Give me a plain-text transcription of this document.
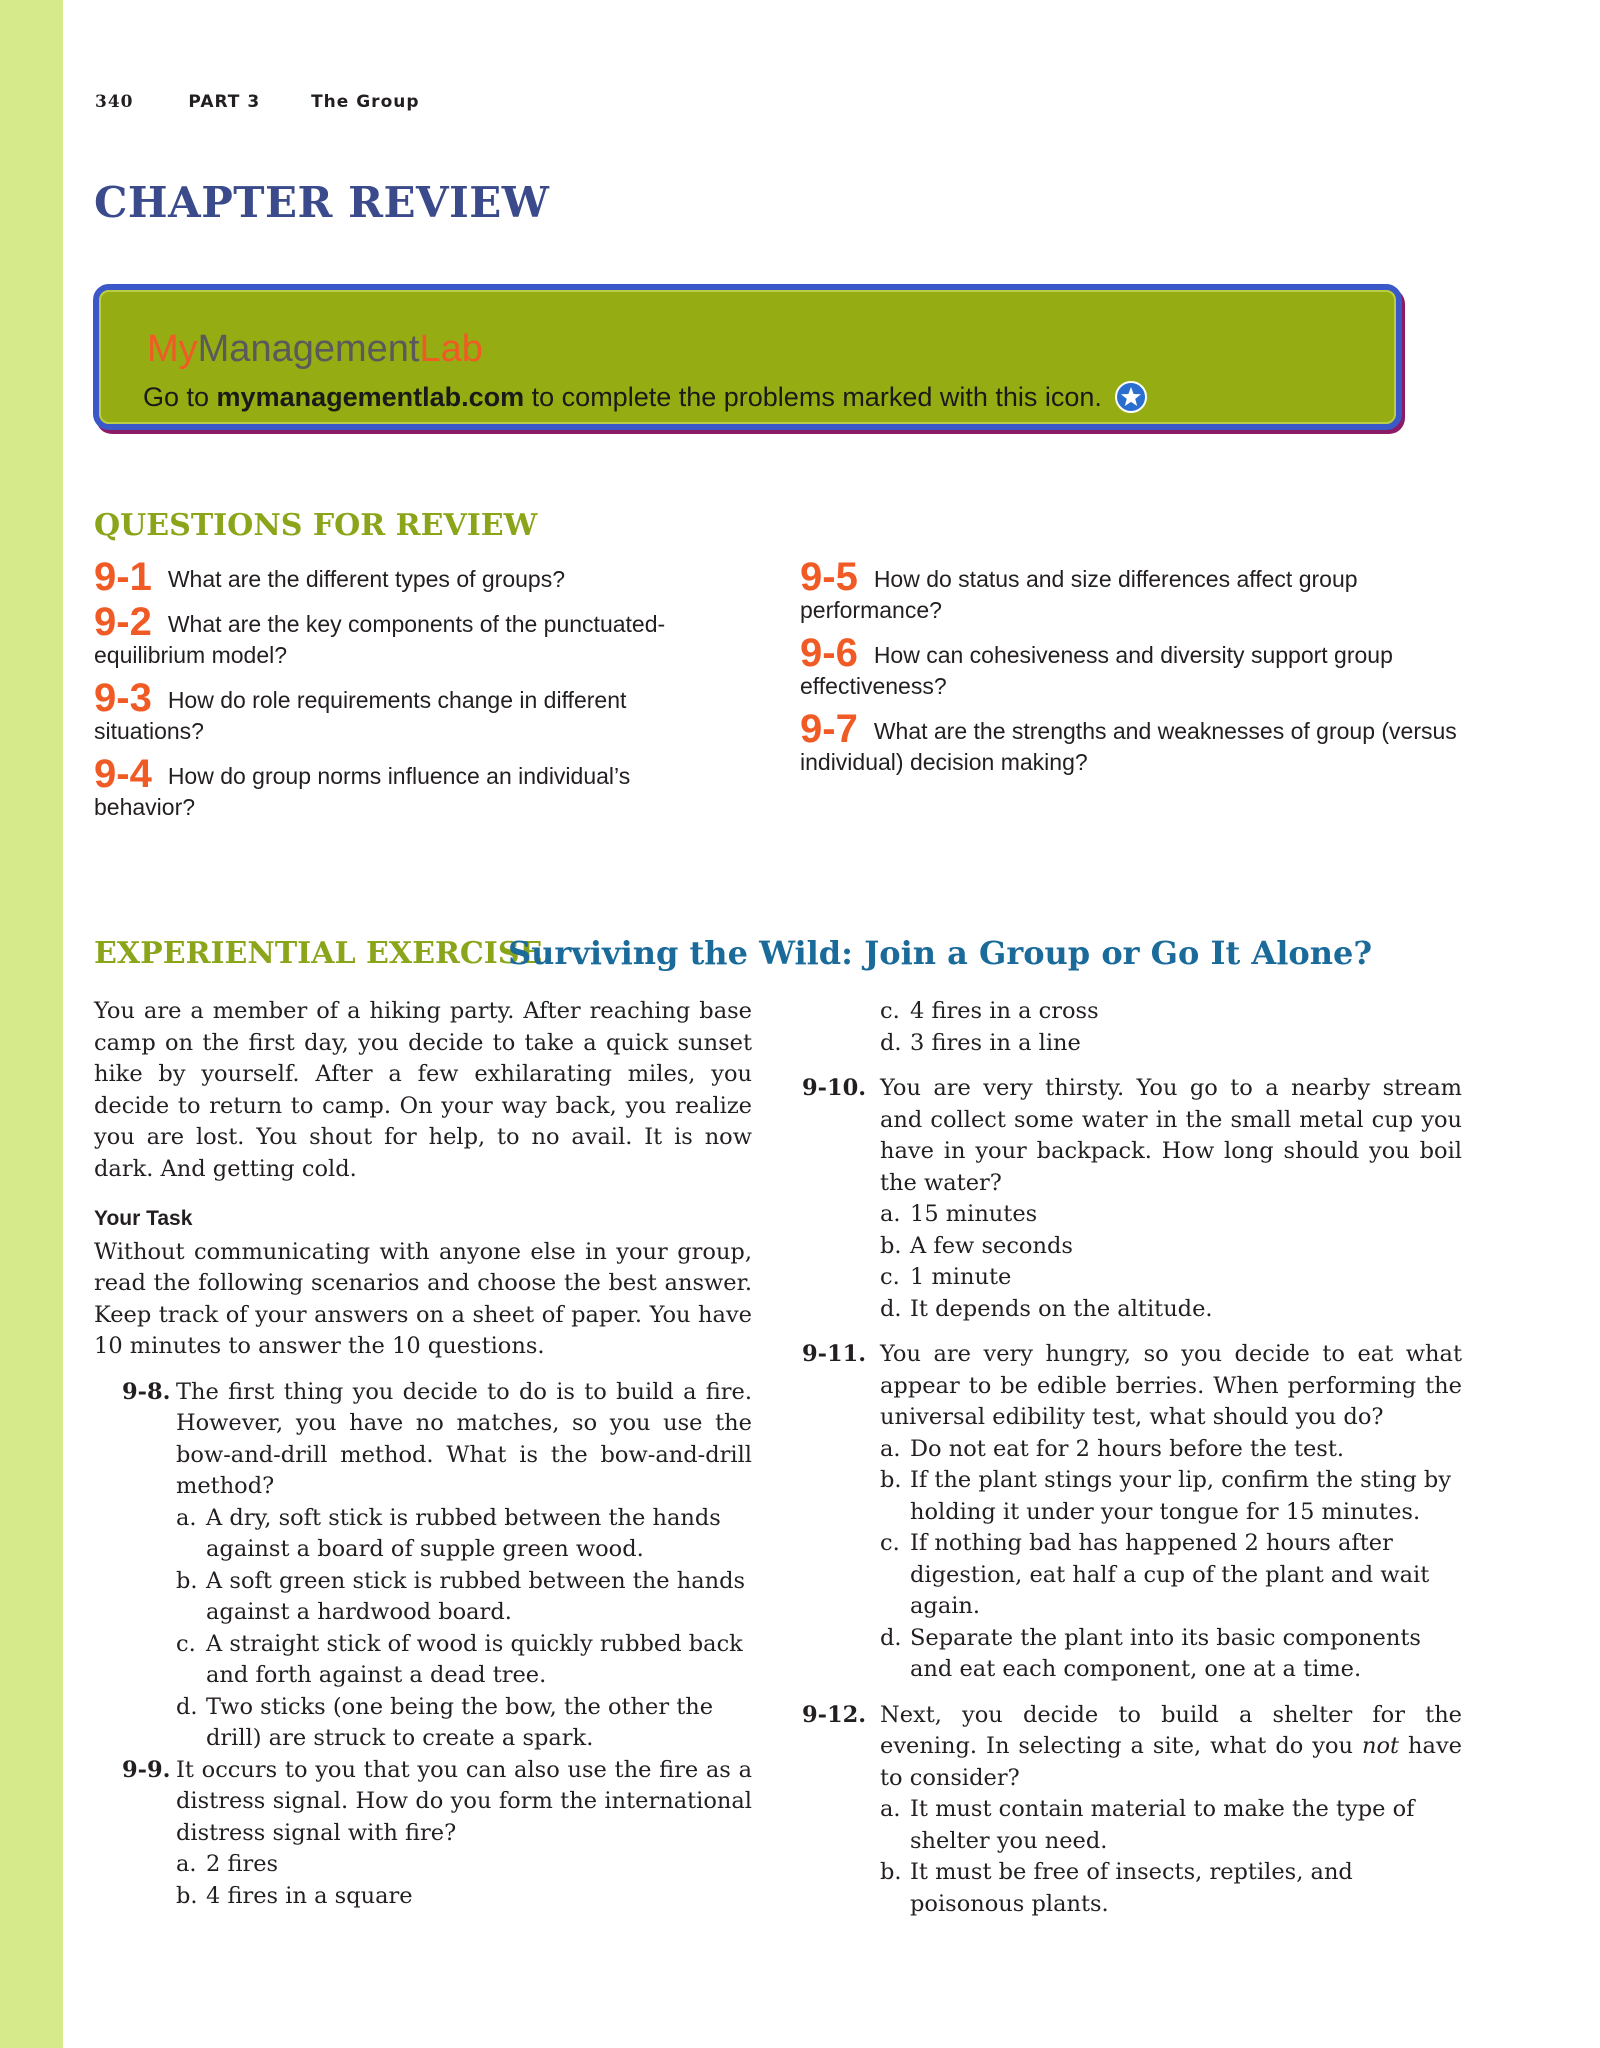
340	PART 3	The Group
CHAPTER REVIEW
MyManagementLab
Go to mymanagementlab.com to complete the problems marked with this icon.
QUESTIONS FOR REVIEW
9-1 What are the different types of groups?
9-2 What are the key components of the punctuated-equilibrium model?
9-3 How do role requirements change in different situations?
9-4 How do group norms influence an individual’s behavior?
9-5 How do status and size differences affect group performance?
9-6 How can cohesiveness and diversity support group effectiveness?
9-7 What are the strengths and weaknesses of group (versus individual) decision making?
EXPERIENTIAL EXERCISE
Surviving the Wild: Join a Group or Go It Alone?

You are a member of a hiking party. After reaching base camp on the first day, you decide to take a quick sunset hike by yourself. After a few exhilarating miles, you decide to return to camp. On your way back, you realize you are lost. You shout for help, to no avail. It is now dark. And getting cold.

Your Task

Without communicating with anyone else in your group, read the following scenarios and choose the best answer. Keep track of your answers on a sheet of paper. You have 10 minutes to answer the 10 questions.

9-8. The first thing you decide to do is to build a fire. However, you have no matches, so you use the bow-and-drill method. What is the bow-and-drill method?
a. A dry, soft stick is rubbed between the hands against a board of supple green wood.
b. A soft green stick is rubbed between the hands against a hardwood board.
c. A straight stick of wood is quickly rubbed back and forth against a dead tree.
d. Two sticks (one being the bow, the other the drill) are struck to create a spark.
9-9. It occurs to you that you can also use the fire as a distress signal. How do you form the international distress signal with fire?
a. 2 fires
b. 4 fires in a square
c. 4 fires in a cross
d. 3 fires in a line
9-10. You are very thirsty. You go to a nearby stream and collect some water in the small metal cup you have in your backpack. How long should you boil the water?
a. 15 minutes
b. A few seconds
c. 1 minute
d. It depends on the altitude.
9-11. You are very hungry, so you decide to eat what appear to be edible berries. When performing the universal edibility test, what should you do?
a. Do not eat for 2 hours before the test.
b. If the plant stings your lip, confirm the sting by holding it under your tongue for 15 minutes.
c. If nothing bad has happened 2 hours after digestion, eat half a cup of the plant and wait again.
d. Separate the plant into its basic components and eat each component, one at a time.
9-12. Next, you decide to build a shelter for the evening. In selecting a site, what do you not have to consider?
a. It must contain material to make the type of shelter you need.
b. It must be free of insects, reptiles, and poisonous plants.
